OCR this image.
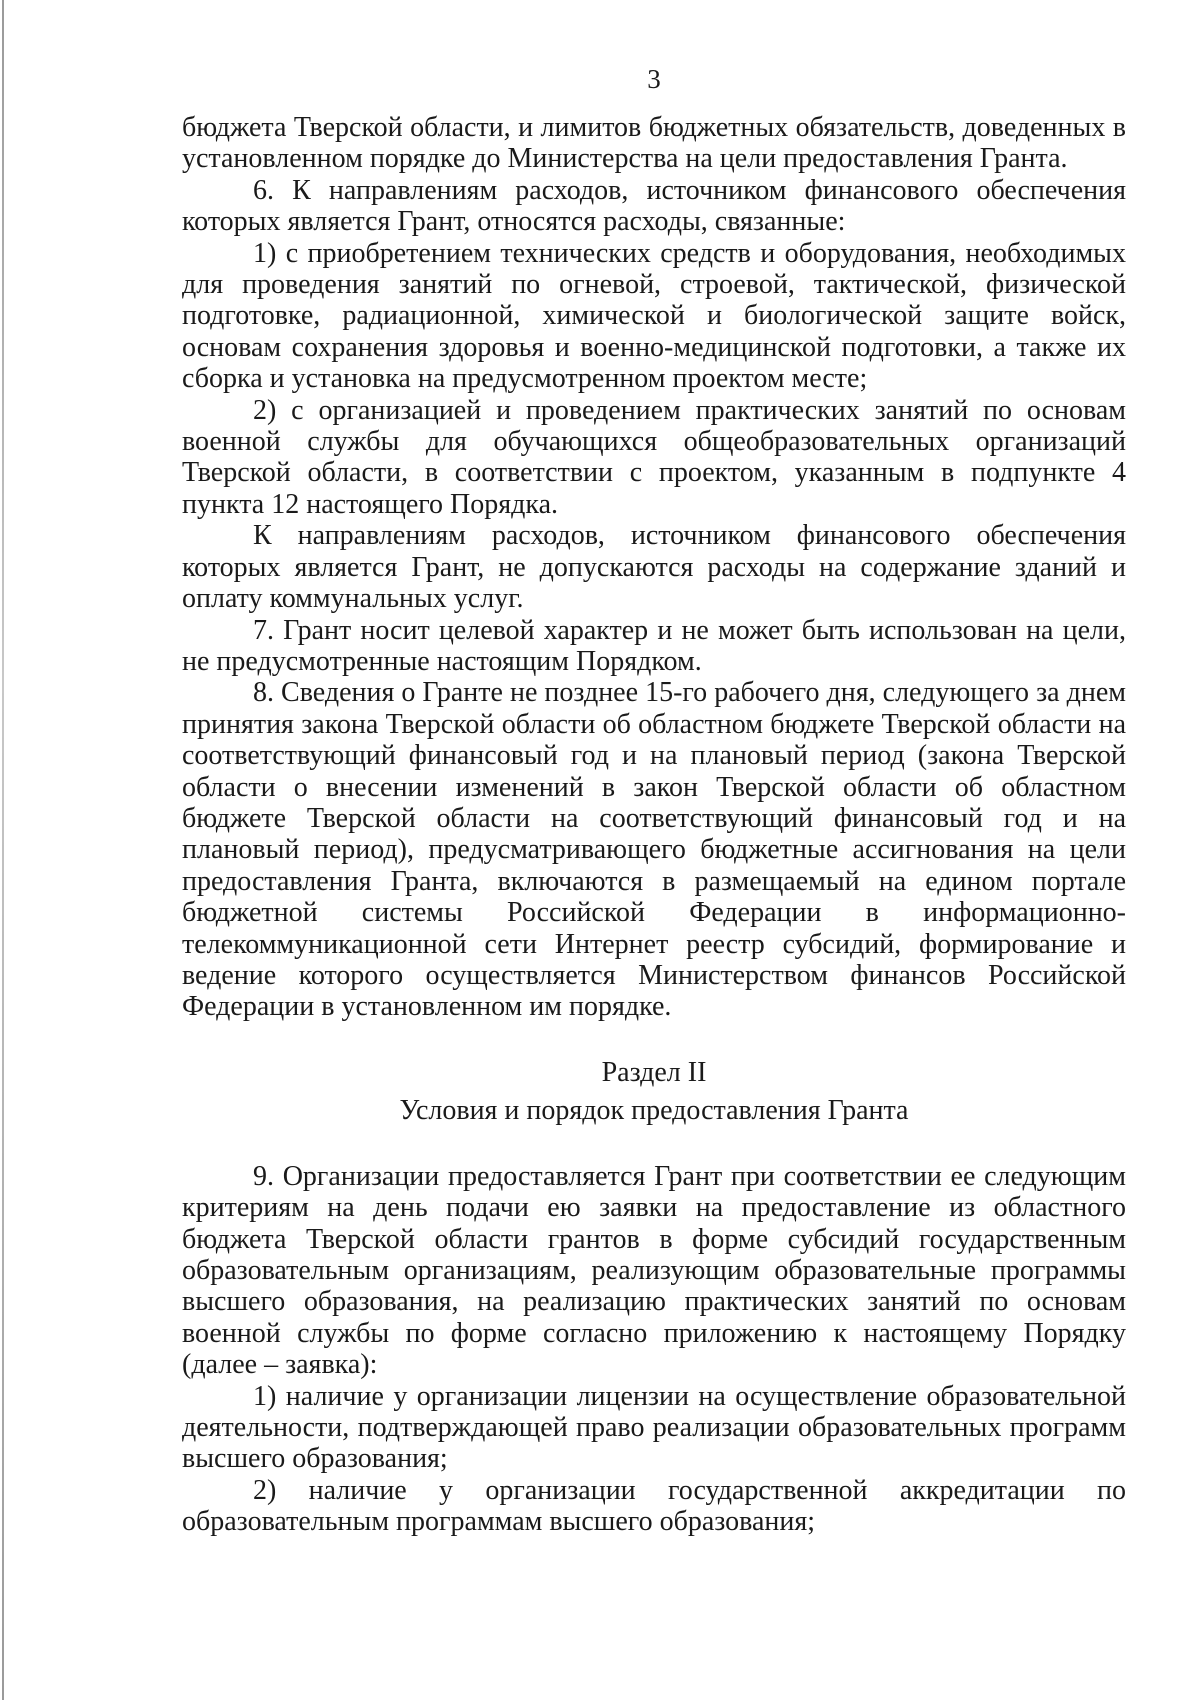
3

бюджета Тверской области, и лимитов бюджетных обязательств, доведенных в установленном порядке до Министерства на цели предоставления Гранта.

6. К направлениям расходов, источником финансового обеспечения которых является Грант, относятся расходы, связанные:

1) с приобретением технических средств и оборудования, необходимых для проведения занятий по огневой, строевой, тактической, физической подготовке, радиационной, химической и биологической защите войск, основам сохранения здоровья и военно-медицинской подготовки, а также их сборка и установка на предусмотренном проектом месте;

2) с организацией и проведением практических занятий по основам военной службы для обучающихся общеобразовательных организаций Тверской области, в соответствии с проектом, указанным в подпункте 4 пункта 12 настоящего Порядка.

К направлениям расходов, источником финансового обеспечения которых является Грант, не допускаются расходы на содержание зданий и оплату коммунальных услуг.

7. Грант носит целевой характер и не может быть использован на цели, не предусмотренные настоящим Порядком.

8. Сведения о Гранте не позднее 15-го рабочего дня, следующего за днем принятия закона Тверской области об областном бюджете Тверской области на соответствующий финансовый год и на плановый период (закона Тверской области о внесении изменений в закон Тверской области об областном бюджете Тверской области на соответствующий финансовый год и на плановый период), предусматривающего бюджетные ассигнования на цели предоставления Гранта, включаются в размещаемый на едином портале бюджетной системы Российской Федерации в информационно-телекоммуникационной сети Интернет реестр субсидий, формирование и ведение которого осуществляется Министерством финансов Российской Федерации в установленном им порядке.

Раздел II

Условия и порядок предоставления Гранта

9. Организации предоставляется Грант при соответствии ее следующим критериям на день подачи ею заявки на предоставление из областного бюджета Тверской области грантов в форме субсидий государственным образовательным организациям, реализующим образовательные программы высшего образования, на реализацию практических занятий по основам военной службы по форме согласно приложению к настоящему Порядку (далее – заявка):

1) наличие у организации лицензии на осуществление образовательной деятельности, подтверждающей право реализации образовательных программ высшего образования;

2) наличие у организации государственной аккредитации по образовательным программам высшего образования;
